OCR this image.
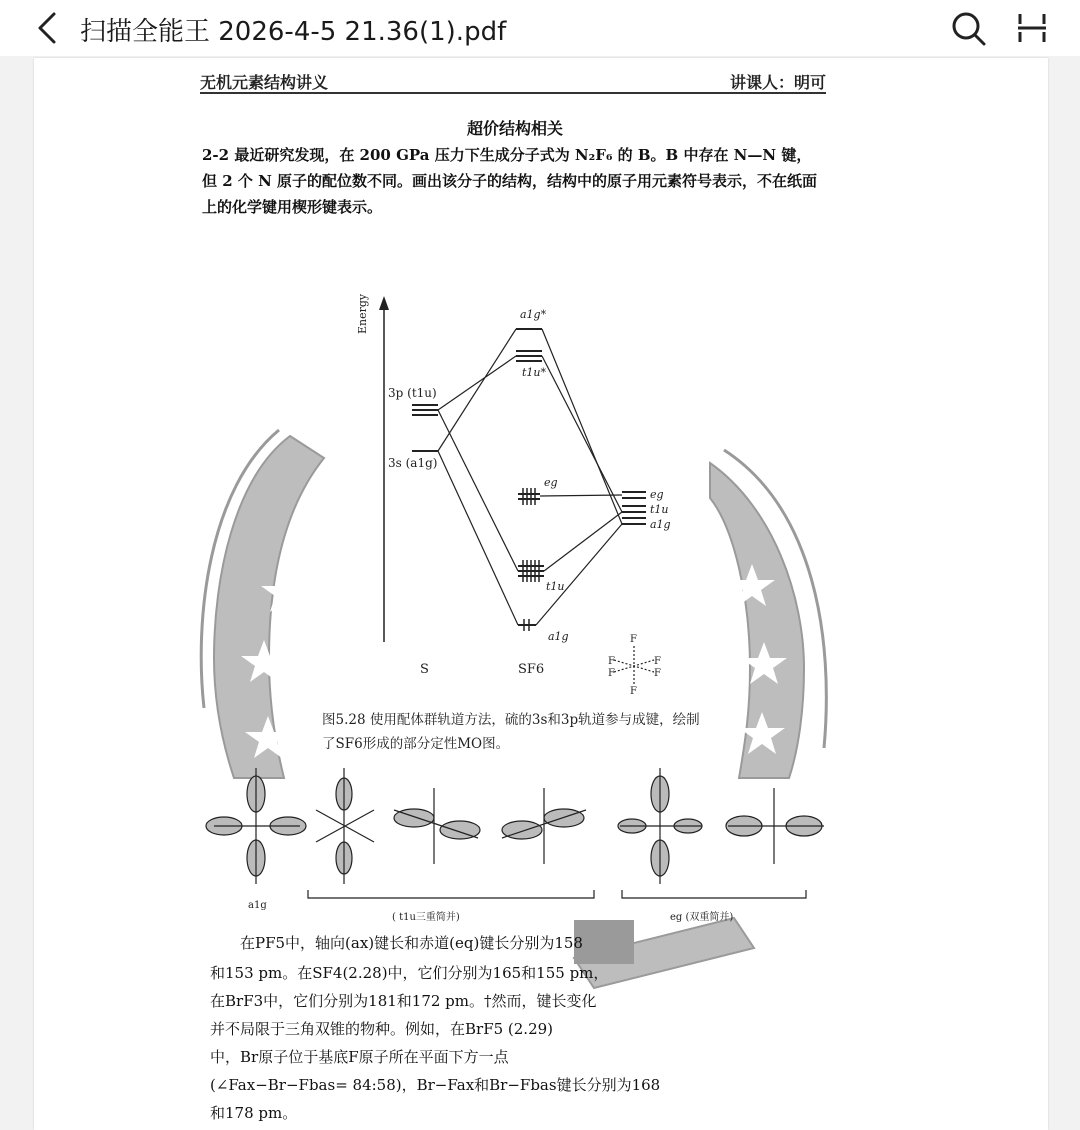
扫描全能王 2026-4-5 21.36(1).pdf
无机元素结构讲义	讲课人：明可
超价结构相关
2-2 最近研究发现，在 200 GPa 压力下生成分子式为 N₂F₆ 的 B。B 中存在 N—N 键，
但 2 个 N 原子的配位数不同。画出该分子的结构，结构中的原子用元素符号表示，不在纸面
上的化学键用楔形键表示。
Energy
3p (t1u)
3s (a1g)
a1g*
t1u*
eg
t1u
a1g
eg
t1u
a1g
S	SF6
F
F
F
F
F
F
图5.28 使用配体群轨道方法，硫的3s和3p轨道参与成键，绘制
了SF6形成的部分定性MO图。
a1g
( t1u三重简并)	eg (双重简并)
在PF5中，轴向(ax)键长和赤道(eq)键长分别为158
和153 pm。在SF4(2.28)中，它们分别为165和155 pm，
在BrF3中，它们分别为181和172 pm。†然而，键长变化
并不局限于三角双锥的物种。例如，在BrF5 (2.29)
中，Br原子位于基底F原子所在平面下方一点
(∠Fax−Br−Fbas= 84:58)，Br−Fax和Br−Fbas键长分别为168
和178 pm。
